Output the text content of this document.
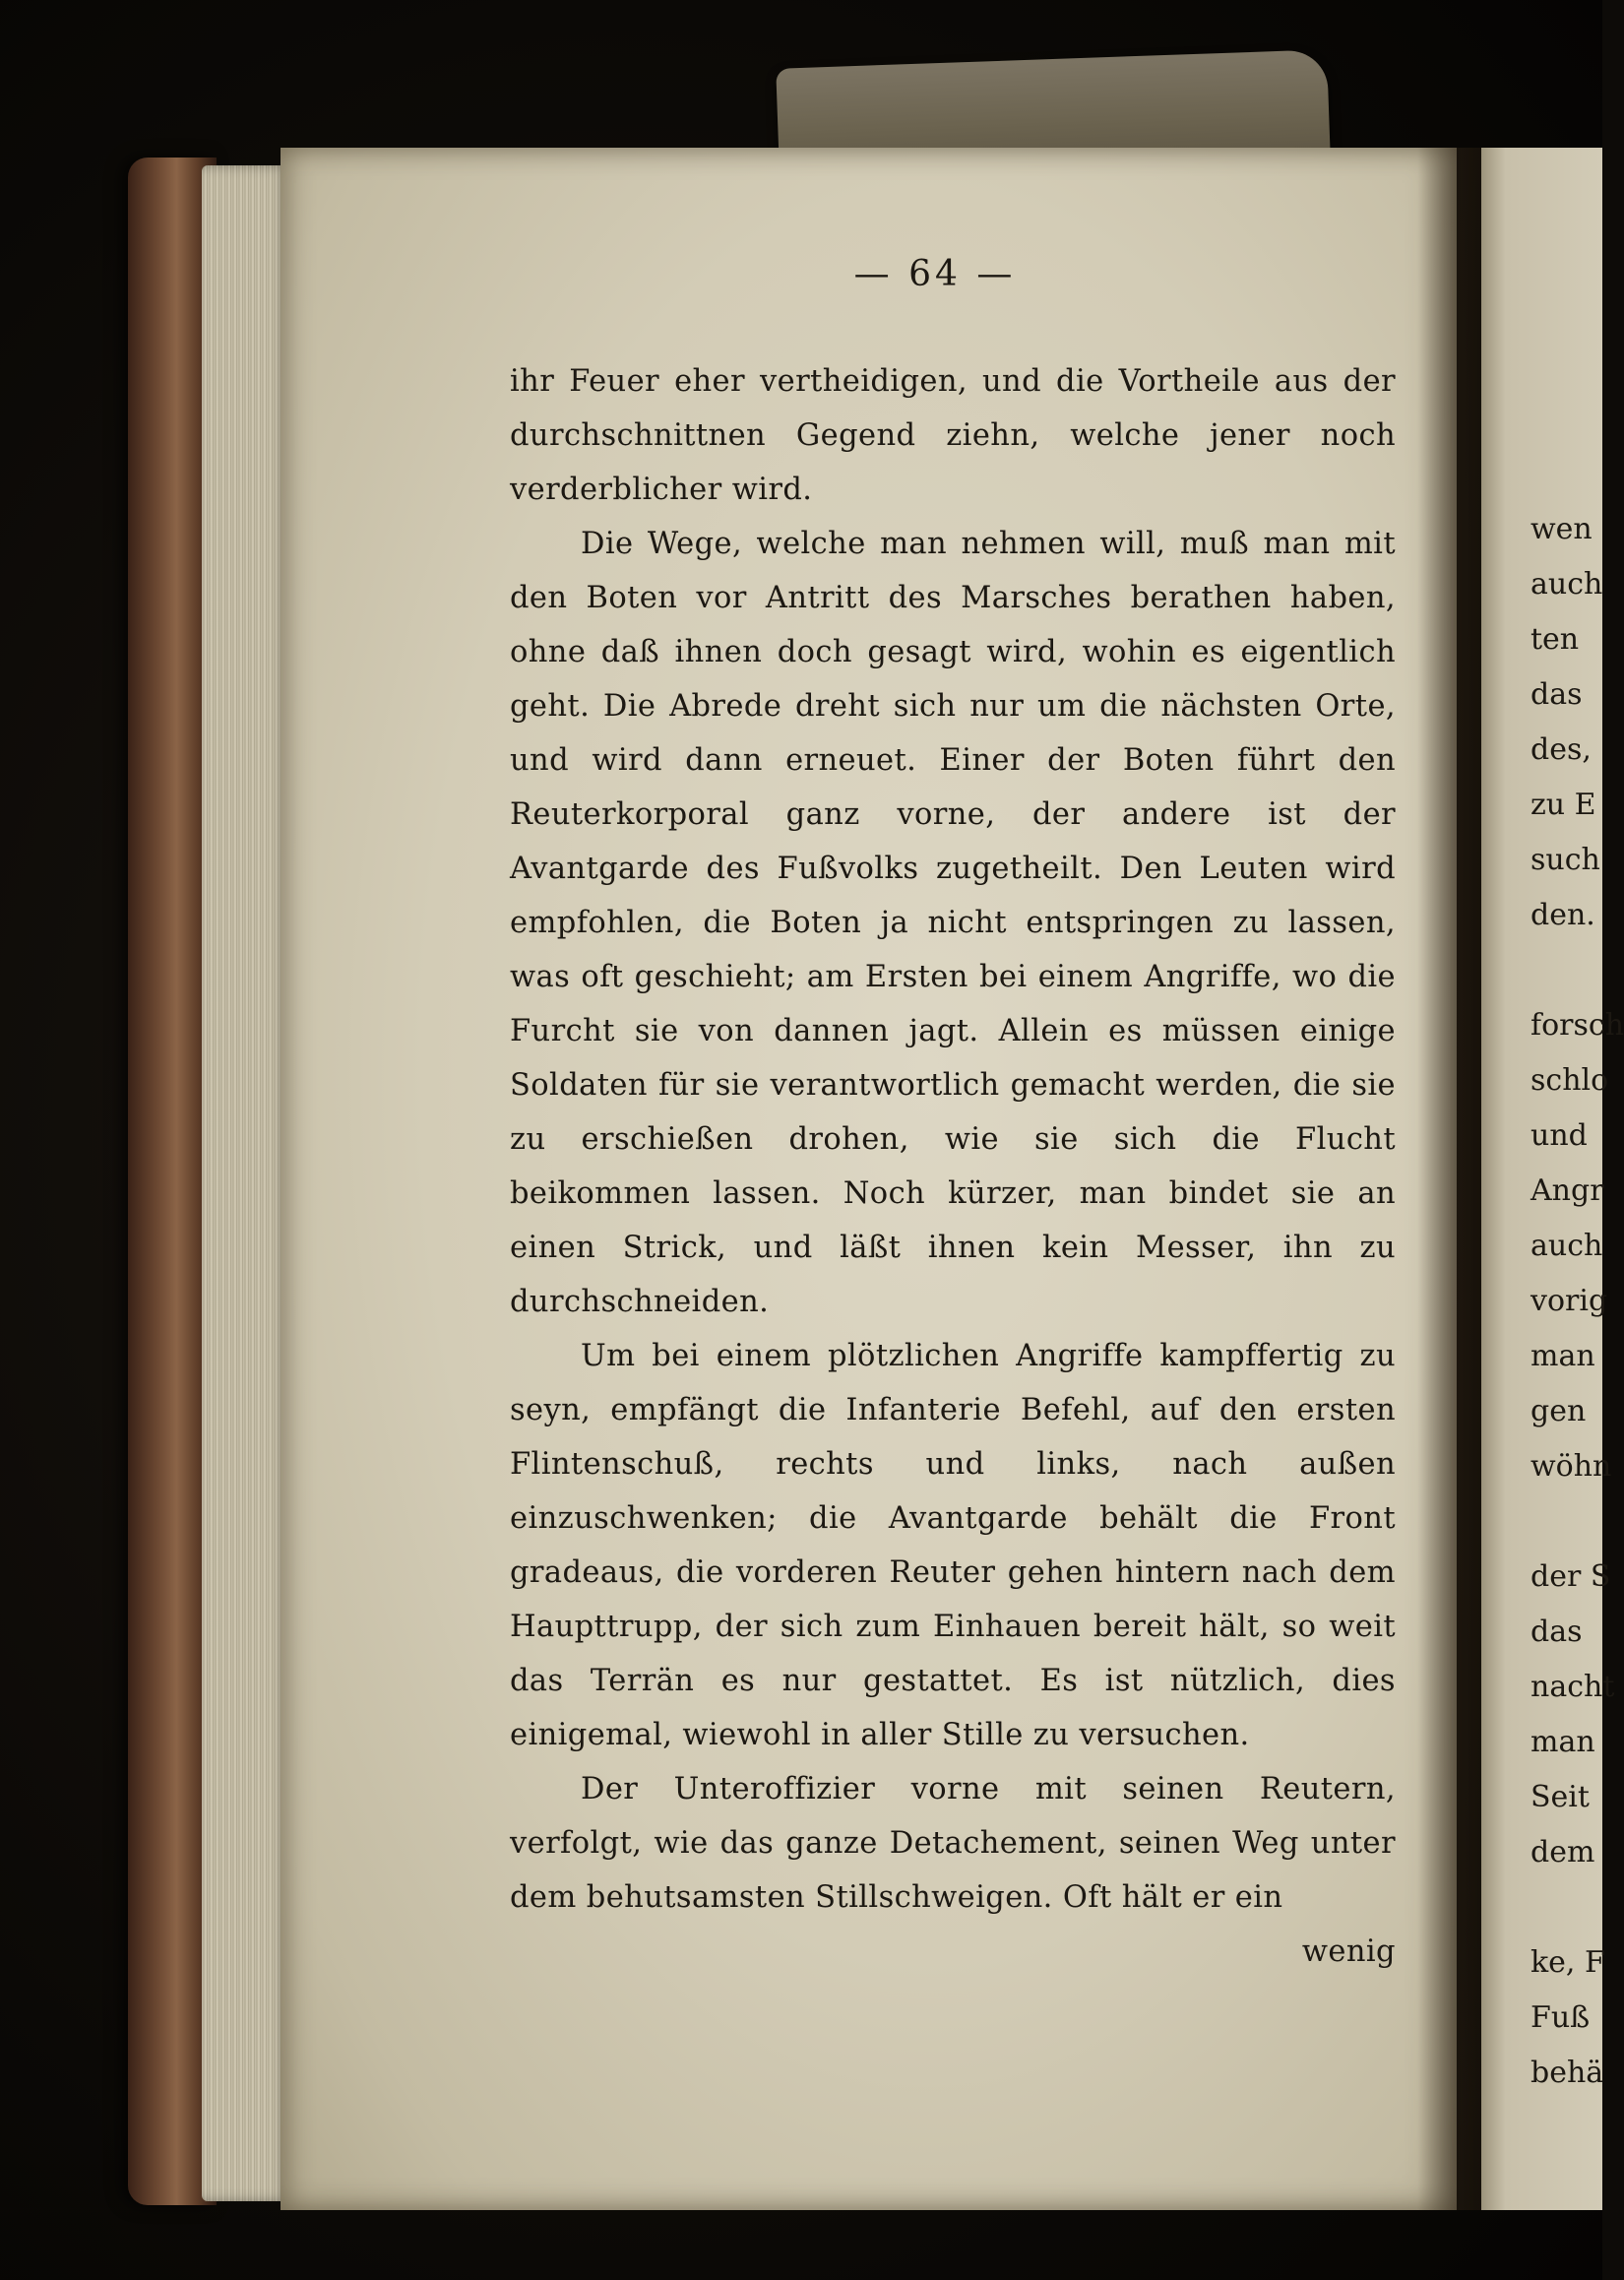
— 64 —

ihr Feuer eher vertheidigen, und die Vortheile aus der durchschnittnen Gegend ziehn, welche jener noch verderblicher wird.

Die Wege, welche man nehmen will, muß man mit den Boten vor Antritt des Marsches berathen haben, ohne daß ihnen doch gesagt wird, wohin es eigentlich geht. Die Abrede dreht sich nur um die nächsten Orte, und wird dann erneuet. Einer der Boten führt den Reuterkorporal ganz vorne, der andere ist der Avantgarde des Fußvolks zugetheilt. Den Leuten wird empfohlen, die Boten ja nicht entspringen zu lassen, was oft geschieht; am Ersten bei einem Angriffe, wo die Furcht sie von dannen jagt. Allein es müssen einige Soldaten für sie verantwortlich gemacht werden, die sie zu erschießen drohen, wie sie sich die Flucht beikommen lassen. Noch kürzer, man bindet sie an einen Strick, und läßt ihnen kein Messer, ihn zu durchschneiden.

Um bei einem plötzlichen Angriffe kampffertig zu seyn, empfängt die Infanterie Befehl, auf den ersten Flintenschuß, rechts und links, nach außen einzuschwenken; die Avantgarde behält die Front gradeaus, die vorderen Reuter gehen hintern nach dem Haupttrupp, der sich zum Einhauen bereit hält, so weit das Terrän es nur gestattet. Es ist nützlich, dies einigemal, wiewohl in aller Stille zu versuchen.

Der Unteroffizier vorne mit seinen Reutern, verfolgt, wie das ganze Detachement, seinen Weg unter dem behutsamsten Stillschweigen. Oft hält er ein

wenig
wen
auch
ten
das
des,
zu E
such
den.
forsch
schlo
und
Angr
auch
vorig
man
gen
wöhn
der S
das
nacht
man
Seit
dem
ke, F
Fuß
behä
